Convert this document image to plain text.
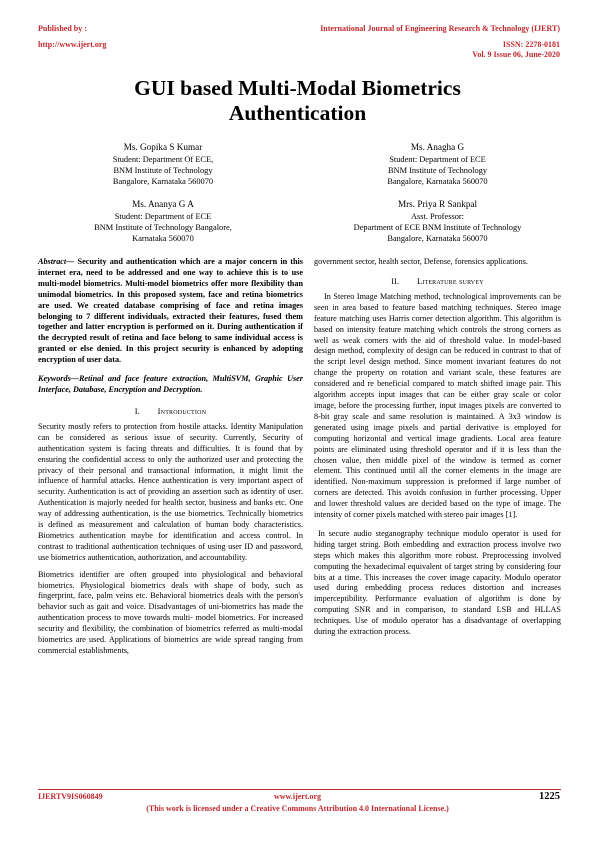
Published by :
http://www.ijert.org
International Journal of Engineering Research & Technology (IJERT)
ISSN: 2278-0181
Vol. 9 Issue 06, June-2020
GUI based Multi-Modal Biometrics
Authentication
Ms. Gopika S Kumar
Student: Department Of ECE,
BNM Institute of Technology
Bangalore, Karnataka 560070
Ms. Anagha G
Student: Department of ECE
BNM Institute of Technology
Bangalore, Karnataka 560070
Ms. Ananya G A
Student: Department of ECE
BNM Institute of Technology Bangalore,
Karnataka 560070
Mrs. Priya R Sankpal
Asst. Professor:
Department of ECE BNM Institute of Technology
Bangalore, Karnataka 560070

Abstract— Security and authentication which are a major concern in this internet era, need to be addressed and one way to achieve this is to use multi-model biometrics. Multi-model biometrics offer more flexibility than unimodal biometrics. In this proposed system, face and retina biometrics are used. We created database comprising of face and retina images belonging to 7 different individuals, extracted their features, fused them together and latter encryption is performed on it. During authentication if the decrypted result of retina and face belong to same individual access is granted or else denied. In this project security is enhanced by adopting encryption of user data.

Keywords—Retinal and face feature extraction, MultiSVM, Graphic User Interface, Database, Encryption and Decryption.

I. Introduction

Security mostly refers to protection from hostile attacks. Identity Manipulation can be considered as serious issue of security. Currently, Security of authentication system is facing threats and difficulties. It is found that by ensuring the confidential access to only the authorized user and protecting the privacy of their personal and transactional information, it might limit the influence of harmful attacks. Hence authentication is very important aspect of security. Authentication is act of providing an assertion such as identity of user. Authentication is majorly needed for health sector, business and banks etc. One way of addressing authentication, is the use biometrics. Technically biometrics is defined as measurement and calculation of human body characteristics. Biometrics authentication maybe for identification and access control. In contrast to traditional authentication techniques of using user ID and password, use biometrics authentication, authorization, and accountability.

Biometrics identifier are often grouped into physiological and behavioral biometrics. Physiological biometrics deals with shape of body, such as fingerprint, face, palm veins etc. Behavioral biometrics deals with the person's behavior such as gait and voice. Disadvantages of uni-biometrics has made the authentication process to move towards multi- model biometrics. For increased security and flexibility, the combination of biometrics referred as multi-modal biometrics are used. Applications of biometrics are wide spread ranging from commercial establishments,

government sector, health sector, Defense, forensics applications.

II. Literature survey

In Stereo Image Matching method, technological improvements can be seen in area based to feature based matching techniques. Stereo image feature matching uses Harris corner detection algorithm. This algorithm is based on intensity feature matching which controls the strong corners as well as weak corners with the aid of threshold value. In model-based design method, complexity of design can be reduced in contrast to that of the script level design method. Since moment invariant features do not change the property on rotation and variant scale, these features are considered and re beneficial compared to match shifted image pair. This algorithm accepts input images that can be either gray scale or color image, before the processing further, input images pixels are converted to 8-bit gray scale and same resolution is maintained. A 3x3 window is generated using image pixels and partial derivative is employed for computing horizontal and vertical image gradients. Local area feature points are eliminated using threshold operator and if it is less than the chosen value, then middle pixel of the window is termed as corner element. This continued until all the corner elements in the image are identified. Non-maximum suppression is preformed if large number of corners are detected. This avoids confusion in further processing. Upper and lower threshold values are decided based on the type of image. The intensity of corner pixels matched with stereo pair images [1].

In secure audio steganography technique modulo operator is used for hiding target string. Both embedding and extraction process involve two steps which makes this algorithm more robust. Preprocessing involved computing the hexadecimal equivalent of target string by considering four bits at a time. This increases the cover image capacity. Modulo operator used during embedding process reduces distortion and increases imperceptibility. Performance evaluation of algorithm is done by computing SNR and in comparison, to standard LSB and HLLAS techniques. Use of modulo operator has a disadvantage of overlapping during the extraction process.

IJERTV9IS060849	www.ijert.org	1225
(This work is licensed under a Creative Commons Attribution 4.0 International License.)
